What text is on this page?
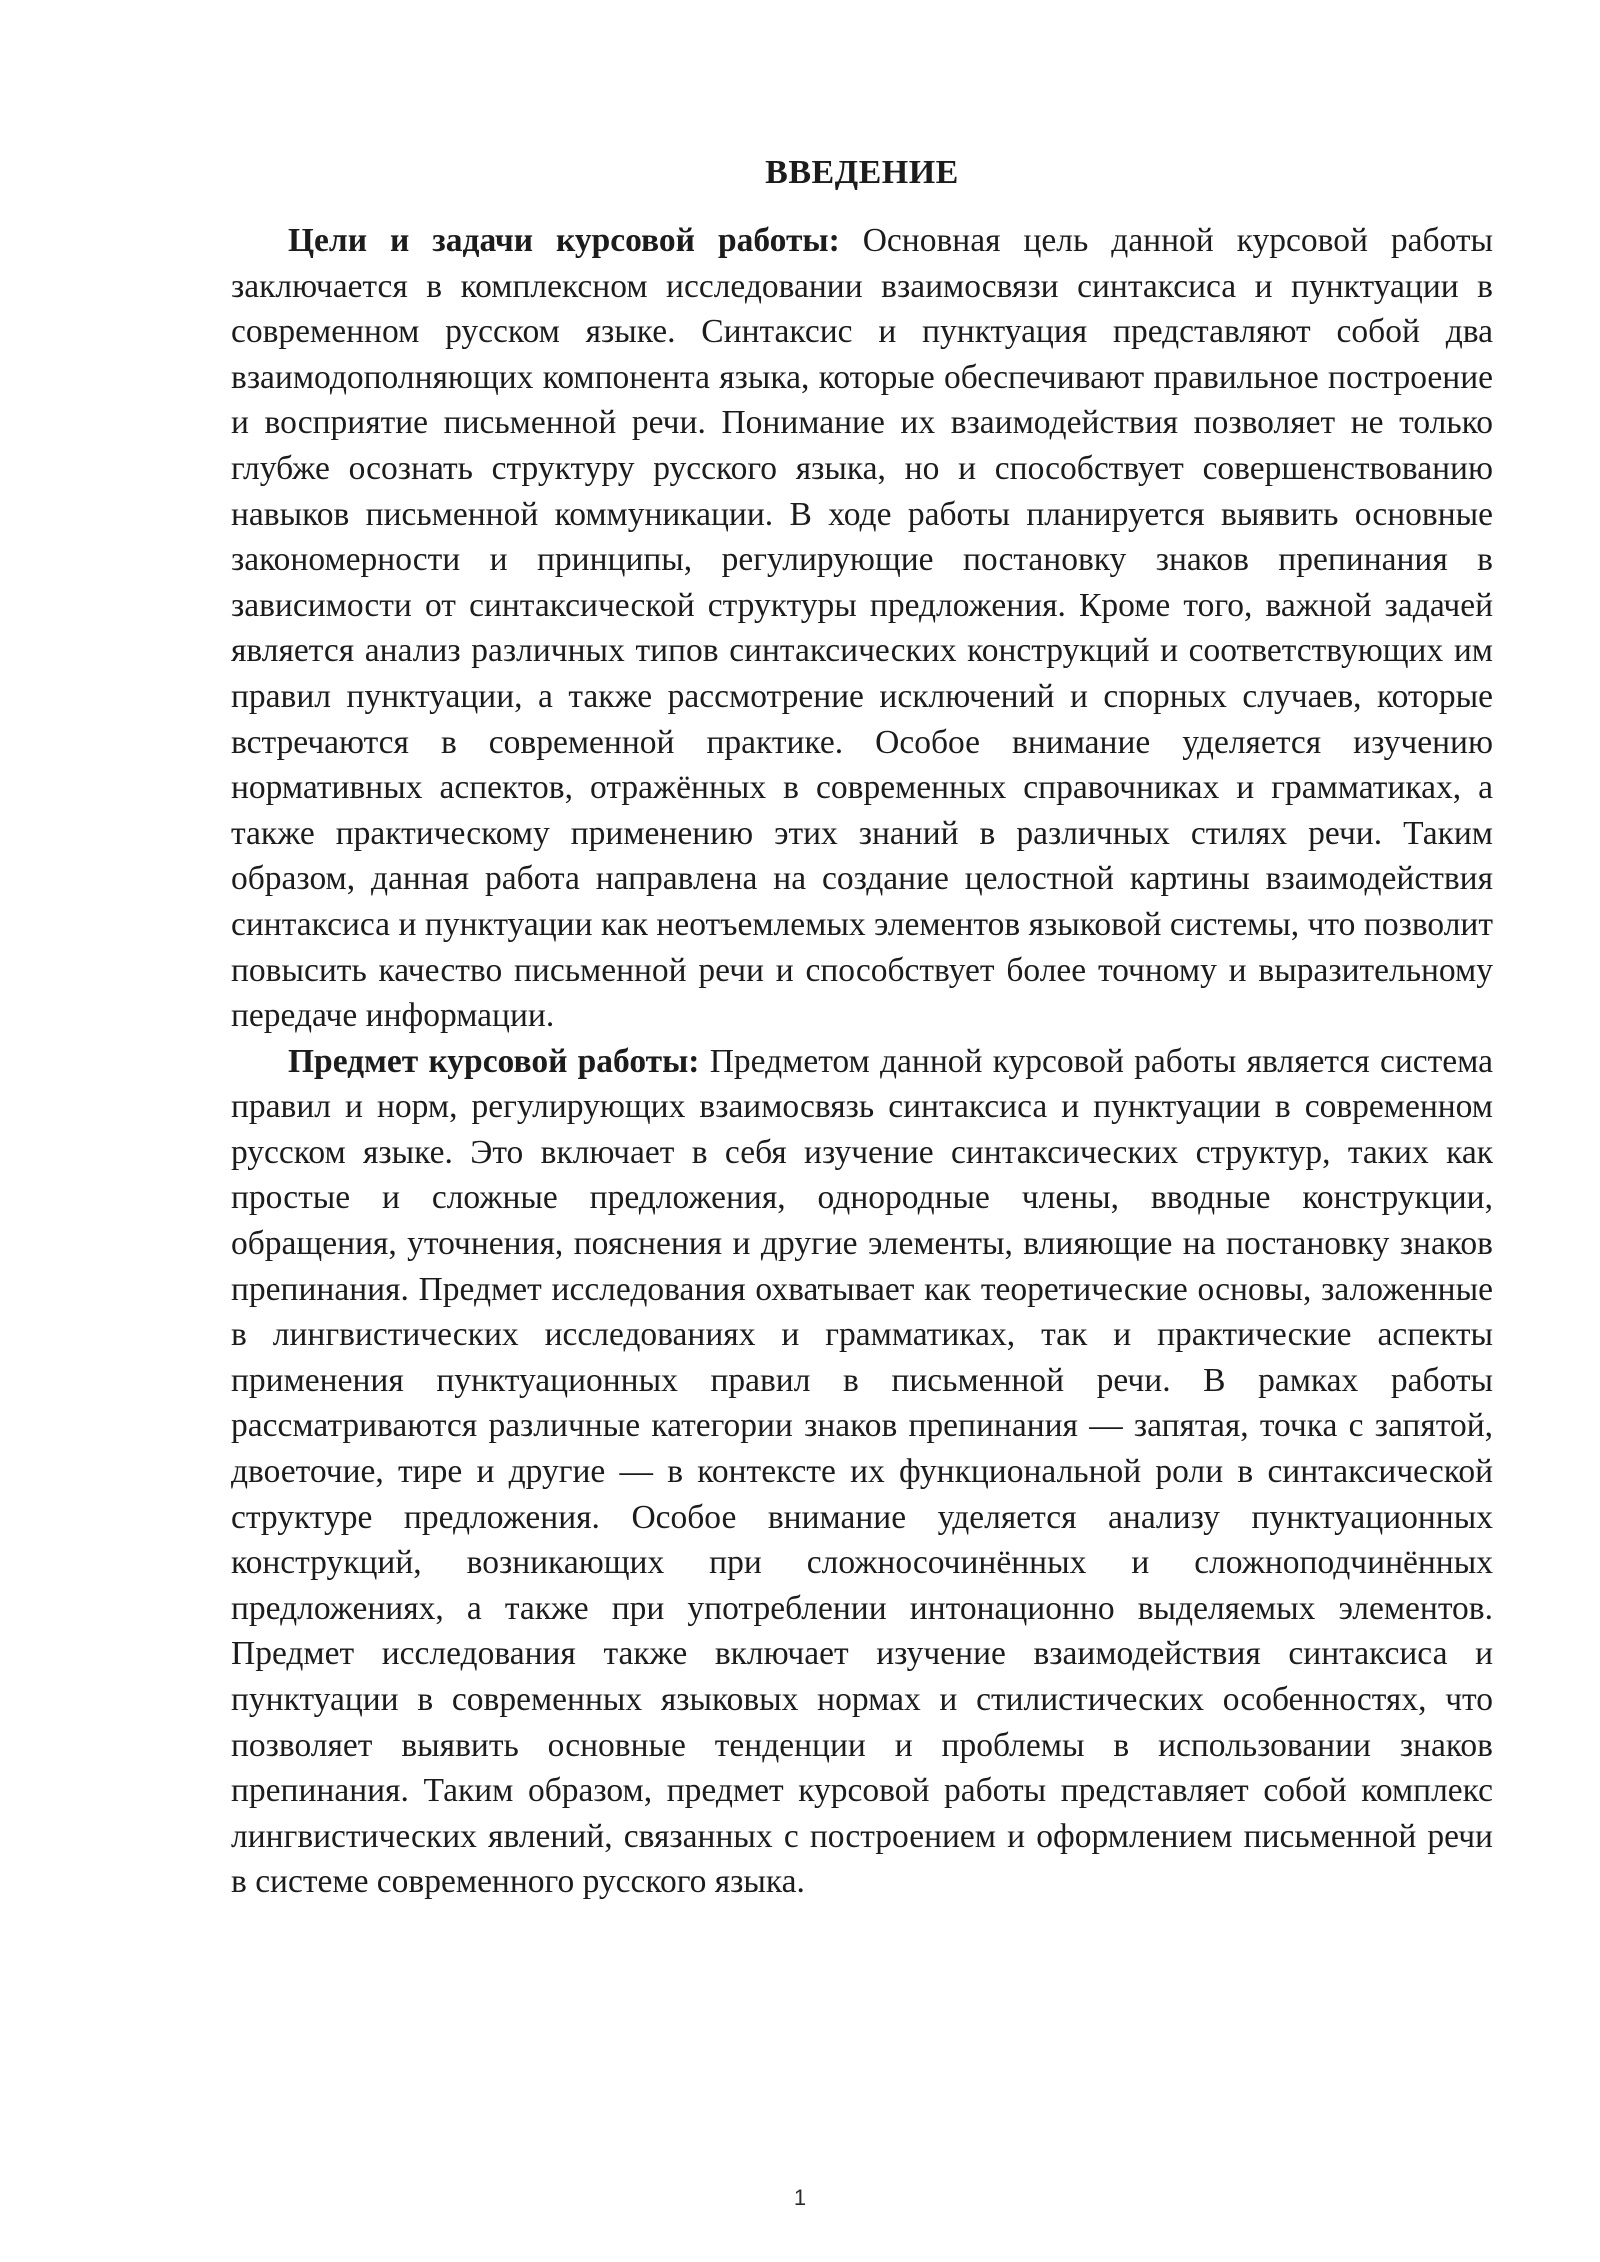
ВВЕДЕНИЕ

Цели и задачи курсовой работы: Основная цель данной курсовой работы заключается в комплексном исследовании взаимосвязи синтаксиса и пунктуации в современном русском языке. Синтаксис и пунктуация представляют собой два взаимодополняющих компонента языка, которые обеспечивают правильное построение и восприятие письменной речи. Понимание их взаимодействия позволяет не только глубже осознать структуру русского языка, но и способствует совершенствованию навыков письменной коммуникации. В ходе работы планируется выявить основные закономерности и принципы, регулирующие постановку знаков препинания в зависимости от синтаксической структуры предложения. Кроме того, важной задачей является анализ различных типов синтаксических конструкций и соответствующих им правил пунктуации, а также рассмотрение исключений и спорных случаев, которые встречаются в современной практике. Особое внимание уделяется изучению нормативных аспектов, отражённых в современных справочниках и грамматиках, а также практическому применению этих знаний в различных стилях речи. Таким образом, данная работа направлена на создание целостной картины взаимодействия синтаксиса и пунктуации как неотъемлемых элементов языковой системы, что позволит повысить качество письменной речи и способствует более точному и выразительному передаче информации.

Предмет курсовой работы: Предметом данной курсовой работы является система правил и норм, регулирующих взаимосвязь синтаксиса и пунктуации в современном русском языке. Это включает в себя изучение синтаксических структур, таких как простые и сложные предложения, однородные члены, вводные конструкции, обращения, уточнения, пояснения и другие элементы, влияющие на постановку знаков препинания. Предмет исследования охватывает как теоретические основы, заложенные в лингвистических исследованиях и грамматиках, так и практические аспекты применения пунктуационных правил в письменной речи. В рамках работы рассматриваются различные категории знаков препинания — запятая, точка с запятой, двоеточие, тире и другие — в контексте их функциональной роли в синтаксической структуре предложения. Особое внимание уделяется анализу пунктуационных конструкций, возникающих при сложносочинённых и сложноподчинённых предложениях, а также при употреблении интонационно выделяемых элементов. Предмет исследования также включает изучение взаимодействия синтаксиса и пунктуации в современных языковых нормах и стилистических особенностях, что позволяет выявить основные тенденции и проблемы в использовании знаков препинания. Таким образом, предмет курсовой работы представляет собой комплекс лингвистических явлений, связанных с построением и оформлением письменной речи в системе современного русского языка.

1
